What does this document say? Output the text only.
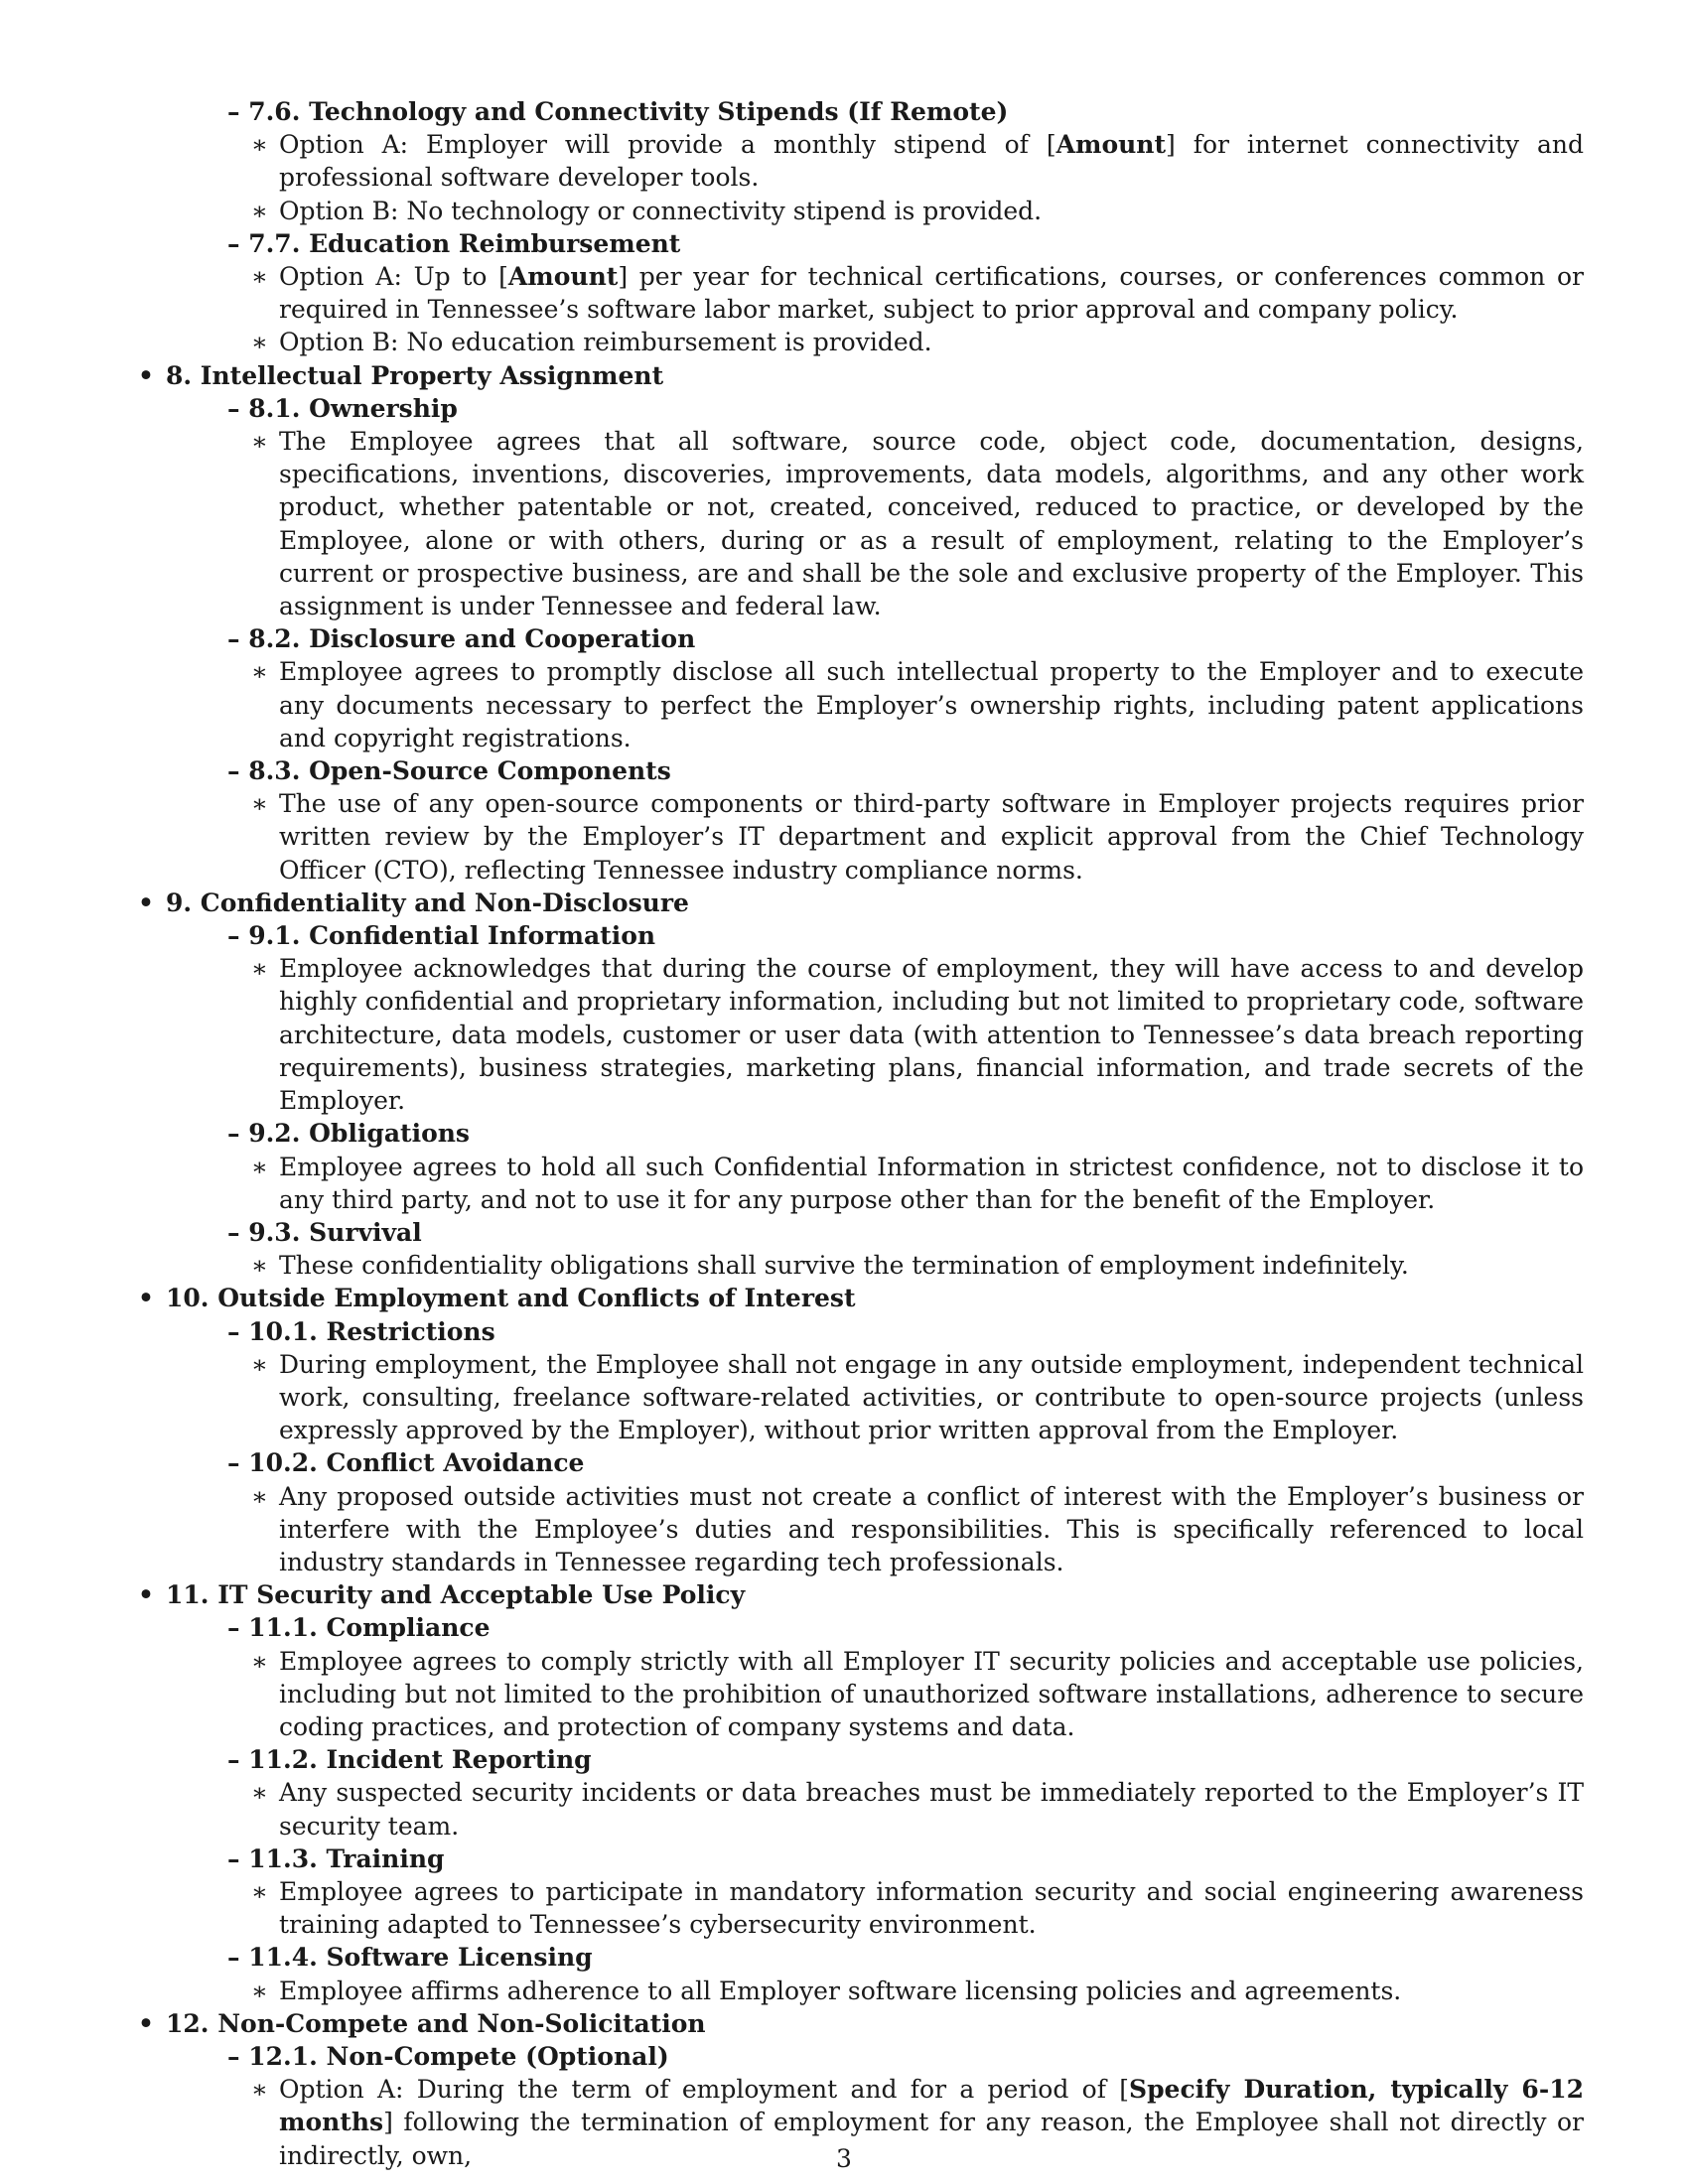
– 7.6. Technology and Connectivity Stipends (If Remote)
∗ Option A: Employer will provide a monthly stipend of [Amount] for internet connectivity and professional software developer tools.
∗ Option B: No technology or connectivity stipend is provided.
– 7.7. Education Reimbursement
∗ Option A: Up to [Amount] per year for technical certifications, courses, or conferences common or required in Tennessee’s software labor market, subject to prior approval and company policy.
∗ Option B: No education reimbursement is provided.
• 8. Intellectual Property Assignment
– 8.1. Ownership
∗ The Employee agrees that all software, source code, object code, documentation, designs, specifications, inventions, discoveries, improvements, data models, algorithms, and any other work product, whether patentable or not, created, conceived, reduced to practice, or developed by the Employee, alone or with others, during or as a result of employment, relating to the Employer’s current or prospective business, are and shall be the sole and exclusive property of the Employer. This assignment is under Tennessee and federal law.
– 8.2. Disclosure and Cooperation
∗ Employee agrees to promptly disclose all such intellectual property to the Employer and to execute any documents necessary to perfect the Employer’s ownership rights, including patent applications and copyright registrations.
– 8.3. Open-Source Components
∗ The use of any open-source components or third-party software in Employer projects requires prior written review by the Employer’s IT department and explicit approval from the Chief Technology Officer (CTO), reflecting Tennessee industry compliance norms.
• 9. Confidentiality and Non-Disclosure
– 9.1. Confidential Information
∗ Employee acknowledges that during the course of employment, they will have access to and develop highly confidential and proprietary information, including but not limited to proprietary code, software architecture, data models, customer or user data (with attention to Tennessee’s data breach reporting requirements), business strategies, marketing plans, financial information, and trade secrets of the Employer.
– 9.2. Obligations
∗ Employee agrees to hold all such Confidential Information in strictest confidence, not to disclose it to any third party, and not to use it for any purpose other than for the benefit of the Employer.
– 9.3. Survival
∗ These confidentiality obligations shall survive the termination of employment indefinitely.
• 10. Outside Employment and Conflicts of Interest
– 10.1. Restrictions
∗ During employment, the Employee shall not engage in any outside employment, independent technical work, consulting, freelance software-related activities, or contribute to open-source projects (unless expressly approved by the Employer), without prior written approval from the Employer.
– 10.2. Conflict Avoidance
∗ Any proposed outside activities must not create a conflict of interest with the Employer’s business or interfere with the Employee’s duties and responsibilities. This is specifically referenced to local industry standards in Tennessee regarding tech professionals.
• 11. IT Security and Acceptable Use Policy
– 11.1. Compliance
∗ Employee agrees to comply strictly with all Employer IT security policies and acceptable use policies, including but not limited to the prohibition of unauthorized software installations, adherence to secure coding practices, and protection of company systems and data.
– 11.2. Incident Reporting
∗ Any suspected security incidents or data breaches must be immediately reported to the Employer’s IT security team.
– 11.3. Training
∗ Employee agrees to participate in mandatory information security and social engineering awareness training adapted to Tennessee’s cybersecurity environment.
– 11.4. Software Licensing
∗ Employee affirms adherence to all Employer software licensing policies and agreements.
• 12. Non-Compete and Non-Solicitation
– 12.1. Non-Compete (Optional)
∗ Option A: During the term of employment and for a period of [Specify Duration, typically 6-12 months] following the termination of employment for any reason, the Employee shall not directly or indirectly, own,	3
